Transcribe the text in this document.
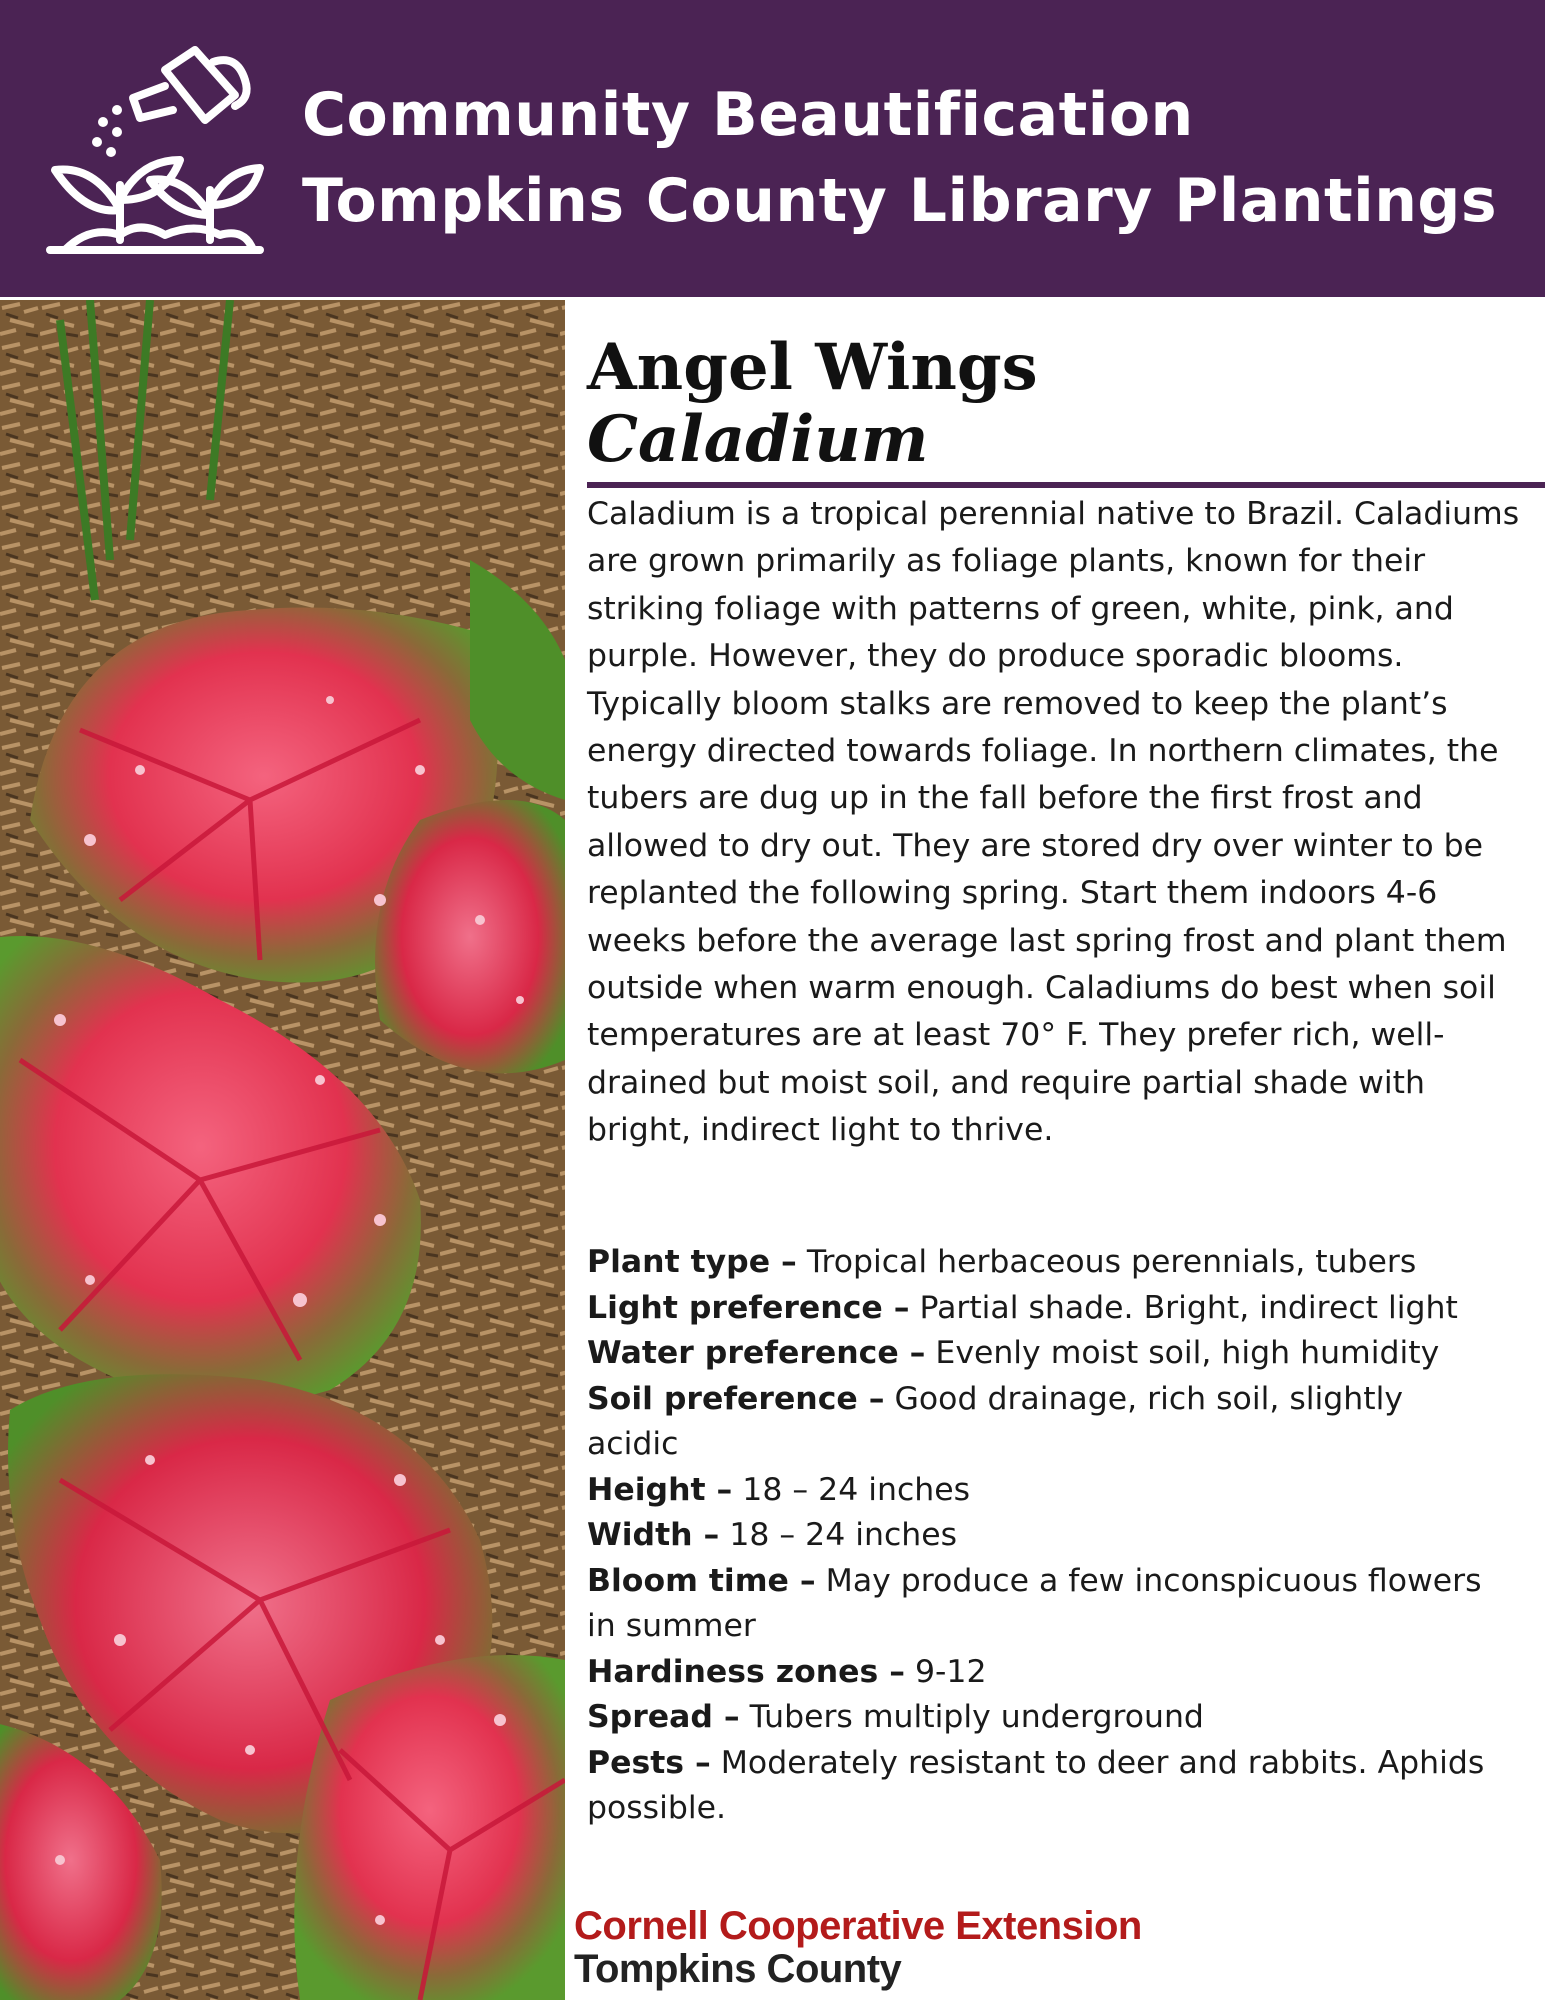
Community Beautification
Tompkins County Library Plantings
Angel Wings
Caladium

Caladium is a tropical perennial native to Brazil. Caladiums are grown primarily as foliage plants, known for their striking foliage with patterns of green, white, pink, and purple. However, they do produce sporadic blooms. Typically bloom stalks are removed to keep the plant’s energy directed towards foliage. In northern climates, the tubers are dug up in the fall before the first frost and allowed to dry out. They are stored dry over winter to be replanted the following spring. Start them indoors 4-6 weeks before the average last spring frost and plant them outside when warm enough. Caladiums do best when soil temperatures are at least 70° F. They prefer rich, well-drained but moist soil, and require partial shade with bright, indirect light to thrive.

Plant type – Tropical herbaceous perennials, tubers
Light preference – Partial shade. Bright, indirect light
Water preference – Evenly moist soil, high humidity
Soil preference – Good drainage, rich soil, slightly acidic
Height – 18 – 24 inches
Width – 18 – 24 inches
Bloom time – May produce a few inconspicuous flowers in summer
Hardiness zones – 9-12
Spread – Tubers multiply underground
Pests – Moderately resistant to deer and rabbits. Aphids possible.
Cornell Cooperative Extension
Tompkins County
